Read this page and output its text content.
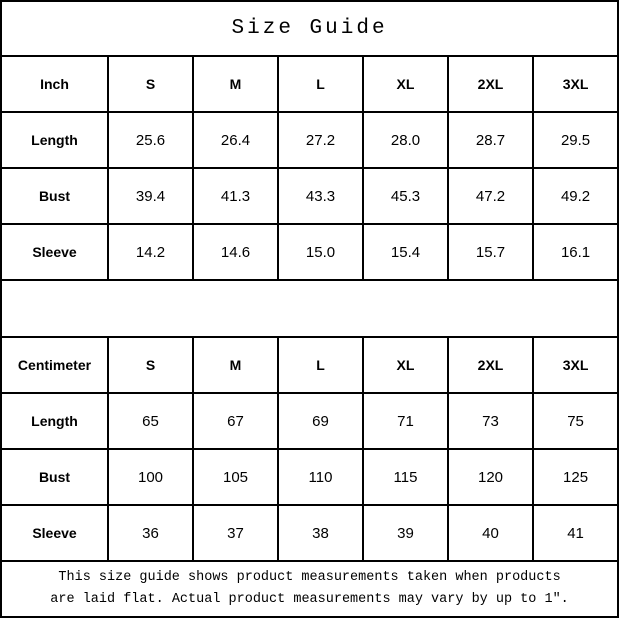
Size Guide						
Inch	S	M	L	XL	2XL	3XL
Length	25.6	26.4	27.2	28.0	28.7	29.5
Bust	39.4	41.3	43.3	45.3	47.2	49.2
Sleeve	14.2	14.6	15.0	15.4	15.7	16.1

Centimeter	S	M	L	XL	2XL	3XL
Length	65	67	69	71	73	75
Bust	100	105	110	115	120	125
Sleeve	36	37	38	39	40	41

This size guide shows product measurements taken when products
are laid flat. Actual product measurements may vary by up to 1″.						
